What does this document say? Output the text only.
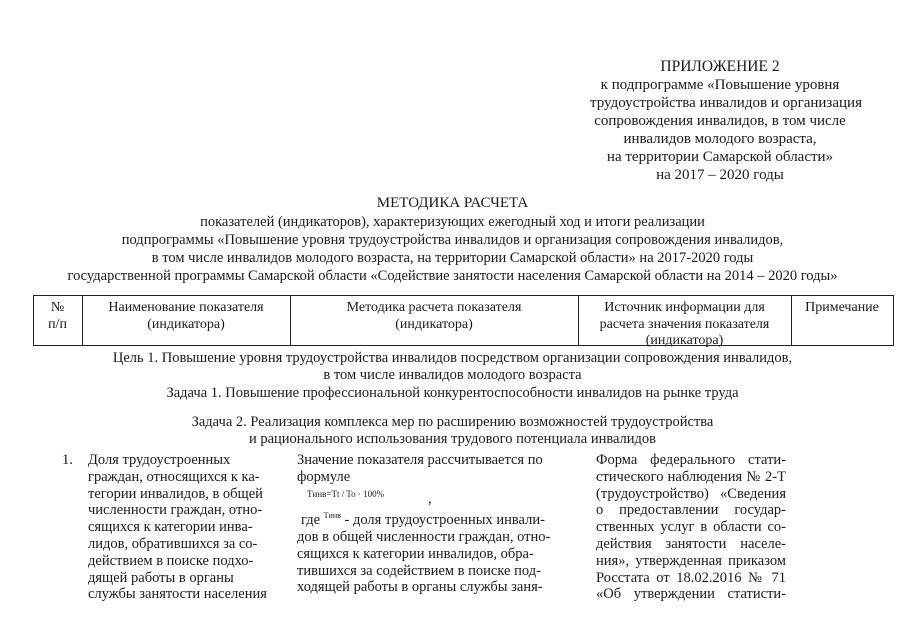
ПРИЛОЖЕНИЕ 2
к подпрограмме «Повышение уровня
трудоустройства инвалидов и организация
сопровождения инвалидов, в том числе
инвалидов молодого возраста,
на территории Самарской области»
на 2017 – 2020 годы
МЕТОДИКА РАСЧЕТА
показателей (индикаторов), характеризующих ежегодный ход и итоги реализации
подпрограммы «Повышение уровня трудоустройства инвалидов и организация сопровождения инвалидов,
в том числе инвалидов молодого возраста, на территории Самарской области» на 2017-2020 годы
государственной программы Самарской области «Содействие занятости населения Самарской области на 2014 – 2020 годы»
№
п/п
Наименование показателя
(индикатора)
Методика расчета показателя
(индикатора)
Источник информации для
расчета значения показателя
(индикатора)
Примечание
Цель 1. Повышение уровня трудоустройства инвалидов посредством организации сопровождения инвалидов,
в том числе инвалидов молодого возраста
Задача 1. Повышение профессиональной конкурентоспособности инвалидов на рынке труда
Задача 2. Реализация комплекса мер по расширению возможностей трудоустройства
и рационального использования трудового потенциала инвалидов
1. Доля трудоустроенных
граждан, относящихся к ка-
тегории инвалидов, в общей
численности граждан, отно-
сящихся к категории инва-
лидов, обратившихся за со-
действием в поиске подхо-
дящей работы в органы
службы занятости населения
Значение показателя рассчитывается по
формуле
Tинв=Tt / To · 100%	,
где $^{Tинв}$ - доля трудоустроенных инвали-
дов в общей численности граждан, отно-
сящихся к категории инвалидов, обра-
тившихся за содействием в поиске под-
ходящей работы в органы службы заня-
Форма федерального стати-
стического наблюдения № 2-Т
(трудоустройство) «Сведения
о предоставлении государ-
ственных услуг в области со-
действия занятости населе-
ния», утвержденная приказом
Росстата от 18.02.2016 № 71
«Об утверждении статисти-
